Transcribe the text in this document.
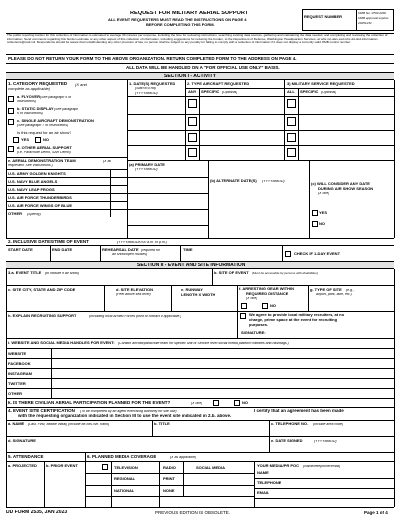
REQUEST FOR MILITARY AERIAL SUPPORT
ALL EVENT REQUESTERS MUST READ THE INSTRUCTIONS ON PAGE 4
BEFORE COMPLETING THIS FORM.
REQUEST NUMBER
OMB No. 0704-0280
OMB approval expires
20251231
The public reporting burden for this collection of information is estimated to average 30 minutes per response, including the time for reviewing instructions, searching existing data sources, gathering and maintaining the data needed, and completing and reviewing the collection of information. Send comments regarding this burden estimate or any other aspect of this collection of information, including suggestions for reducing the burden, to the Department of Defense, Washington Headquarters Services, at whs.mc-alex.esd.mbx.dd-dod-information-collections@mail.mil. Respondents should be aware that notwithstanding any other provision of law, no person shall be subject to any penalty for failing to comply with a collection of information if it does not display a currently valid OMB control number.
PLEASE DO NOT RETURN YOUR FORM TO THE ABOVE ORGANIZATION. RETURN COMPLETED FORM TO THE ADDRESS ON PAGE 4.
ALL DATA WILL BE HANDLED ON A "FOR OFFICIAL USE ONLY" BASIS.
SECTION I - ACTIVITY
1. CATEGORY REQUESTED (X and
complete as applicable)
a. FLYOVER (See paragraph 5 of
Instructions)
b. STATIC DISPLAY (See paragraph
6 of Instructions)
c. SINGLE AIRCRAFT DEMONSTRATION
(See paragraph 7 of Instructions)
Is this request for an air show?
YES	NO
d. OTHER AERIAL SUPPORT
(i.e. Parachute Demo, SAR Demo)
e. AERIAL DEMONSTRATION TEAM	(X all
requested. See Instructions.)
U.S. ARMY GOLDEN KNIGHTS
U.S. NAVY BLUE ANGELS
U.S. NAVY LEAP FROGS
U.S. AIR FORCE THUNDERBIRDS
U.S. AIR FORCE WINGS OF BLUE
OTHER (Specify)
1. DATE(S) REQUESTED
(Start to End)
(YYYYMMDD)
2. TYPE AIRCRAFT REQUESTED
ANY SPECIFIC (Optional)
3) MILITARY SERVICE REQUESTED
ALL SPECIFIC (Optional)
(a) PRIMARY DATE
(YYYYMMDD)
(b) ALTERNATE DATE(S) (YYYYMMDD)
(c) WILL CONSIDER ANY DATE
DURING AIR SHOW SEASON
(X one)
YES
NO
2. INCLUSIVE DATES/TIME OF EVENT	(YYYYMMDD/0:00 a.m. or p.m.)
START DATE	END DATE	REHEARSAL DATE (required for
air show/open houses)
TIME
CHECK IF 1-DAY EVENT
SECTION II - EVENT AND SITE INFORMATION
3.a. EVENT TITLE (to include if air show)	b. SITE OF EVENT (Must be accessible by persons with disabilities)
c. SITE CITY, STATE AND ZIP CODE	d. SITE ELEVATION
(Feet above sea level)
e. RUNWAY
LENGTH X WIDTH
f. ARRESTING GEAR WITHIN
REQUIRED DISTANCE
(X one)
NO
g. TYPE OF SITE (e.g.,
airport, park, lake, etc.)
h. EXPLAIN RECRUITING SUPPORT	(Including local Armed Forces point of contact if applicable.)	We agree to provide local military recruiters, at no
charge, prime space at the event for recruiting
purposes.
SIGNATURE:
i. WEBSITE AND SOCIAL MEDIA HANDLES FOR EVENT: (Contact aircraft/parachute team for specific unit or Service level social media platform handles and hashtags.)
WEBSITE
FACEBOOK
INSTAGRAM
TWITTER
OTHER
k. IS THERE CIVILIAN AERIAL PARTICIPATION PLANNED FOR THE EVENT?	(X one)	NO
4. EVENT SITE CERTIFICATION (To be completed by an agent exercising authority for site use)	I certify that an agreement has been made
with the requesting organization indicated in Section III to use the event site indicated in 2.b. above.
a. NAME (Last, First, Middle Initial) (Include Mr./Ms./Mr. Rank)	b. TITLE	c. TELEPHONE NO. (Include area code)
d. SIGNATURE	e. DATE SIGNED	(YYYYMMDD)
5. ATTENDANCE	6. PLANNED MEDIA COVERAGE	(X as applicable)
a. PROJECTED b. PRIOR EVENT	TELEVISION	RADIO	SOCIAL MEDIA
REGIONAL	PRINT
NATIONAL	NONE
YOUR MEDIA/PR POC (Name/telephone/email)
NAME
TELEPHONE
EMAIL
DD FORM 2535, JAN 2023	PREVIOUS EDITION IS OBSOLETE.	Page 1 of 4
